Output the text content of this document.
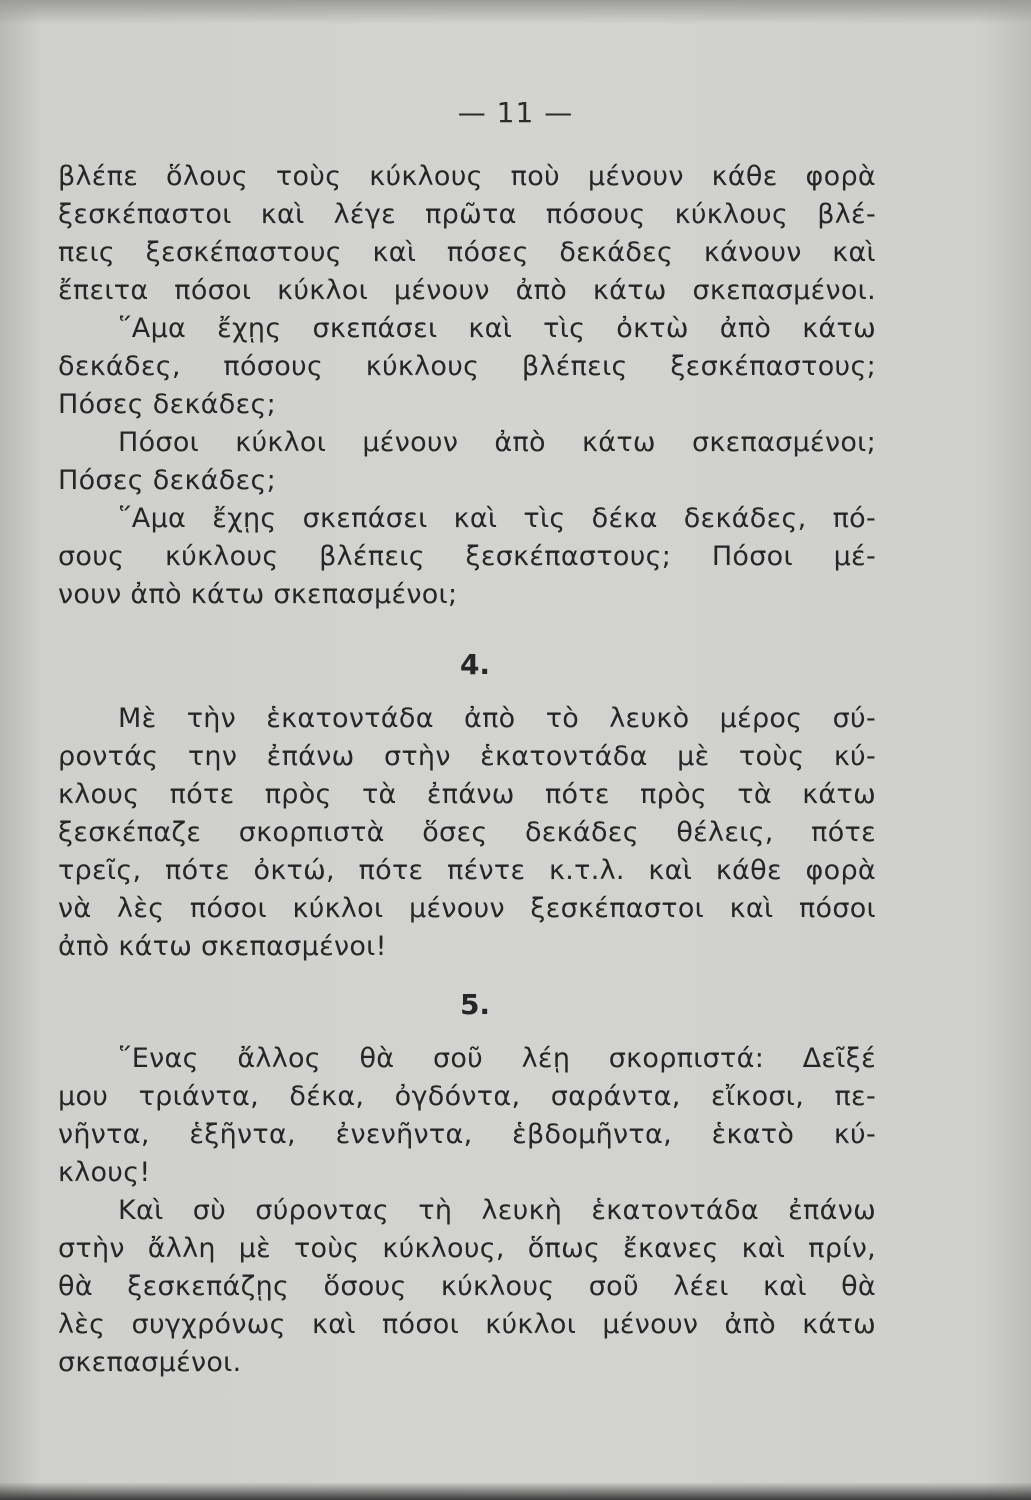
— 11 —
βλέπε ὅλους τοὺς κύκλους ποὺ μένουν κάθε φορὰ
ξεσκέπαστοι καὶ λέγε πρῶτα πόσους κύκλους βλέ-
πεις ξεσκέπαστους καὶ πόσες δεκάδες κάνουν καὶ
ἔπειτα πόσοι κύκλοι μένουν ἀπὸ κάτω σκεπασμένοι.
῞Αμα ἔχῃς σκεπάσει καὶ τὶς ὀκτὼ ἀπὸ κάτω
δεκάδες, πόσους κύκλους βλέπεις ξεσκέπαστους;
Πόσες δεκάδες;
Πόσοι κύκλοι μένουν ἀπὸ κάτω σκεπασμένοι;
Πόσες δεκάδες;
῞Αμα ἔχῃς σκεπάσει καὶ τὶς δέκα δεκάδες, πό-
σους κύκλους βλέπεις ξεσκέπαστους; Πόσοι μέ-
νουν ἀπὸ κάτω σκεπασμένοι;
4.
Μὲ τὴν ἑκατοντάδα ἀπὸ τὸ λευκὸ μέρος σύ-
ροντάς την ἐπάνω στὴν ἑκατοντάδα μὲ τοὺς κύ-
κλους πότε πρὸς τὰ ἐπάνω πότε πρὸς τὰ κάτω
ξεσκέπαζε σκορπιστὰ ὅσες δεκάδες θέλεις, πότε
τρεῖς, πότε ὀκτώ, πότε πέντε κ.τ.λ. καὶ κάθε φορὰ
νὰ λὲς πόσοι κύκλοι μένουν ξεσκέπαστοι καὶ πόσοι
ἀπὸ κάτω σκεπασμένοι!
5.
῞Ενας ἄλλος θὰ σοῦ λέῃ σκορπιστά: Δεῖξέ
μου τριάντα, δέκα, ὀγδόντα, σαράντα, εἴκοσι, πε-
νῆντα, ἑξῆντα, ἐνενῆντα, ἑβδομῆντα, ἑκατὸ κύ-
κλους!
Καὶ σὺ σύροντας τὴ λευκὴ ἑκατοντάδα ἐπάνω
στὴν ἄλλη μὲ τοὺς κύκλους, ὅπως ἔκανες καὶ πρίν,
θὰ ξεσκεπάζῃς ὅσους κύκλους σοῦ λέει καὶ θὰ
λὲς συγχρόνως καὶ πόσοι κύκλοι μένουν ἀπὸ κάτω
σκεπασμένοι.
